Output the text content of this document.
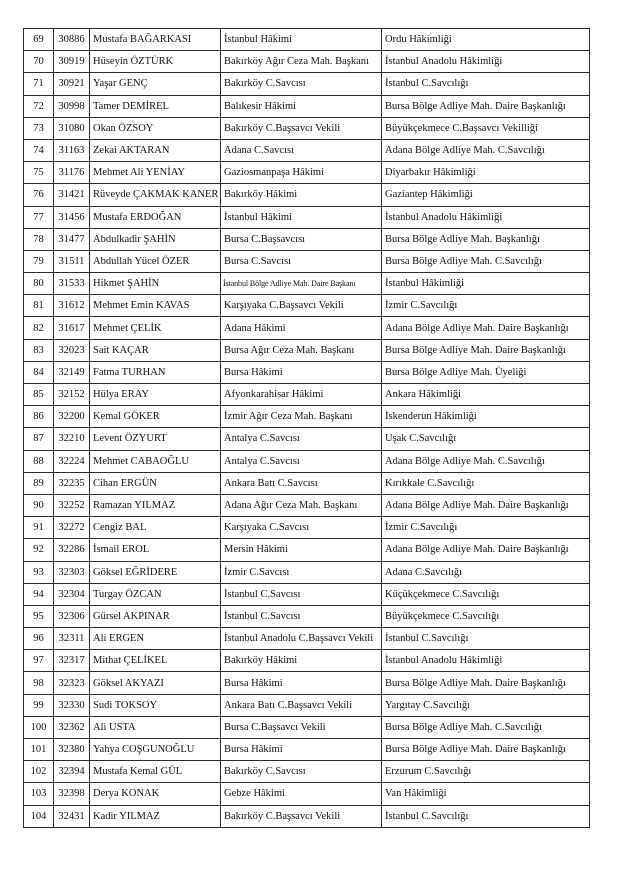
69	30886	Mustafa BAĞARKASI	İstanbul Hâkimi	Ordu Hâkimliği
70	30919	Hüseyin ÖZTÜRK	Bakırköy Ağır Ceza Mah. Başkanı	İstanbul Anadolu Hâkimliği
71	30921	Yaşar GENÇ	Bakırköy C.Savcısı	İstanbul C.Savcılığı
72	30998	Tamer DEMİREL	Balıkesir Hâkimi	Bursa Bölge Adliye Mah. Daire Başkanlığı
73	31080	Okan ÖZSOY	Bakırköy C.Başsavcı Vekili	Büyükçekmece C.Başsavcı Vekilliği
74	31163	Zekai AKTARAN	Adana C.Savcısı	Adana Bölge Adliye Mah. C.Savcılığı
75	31176	Mehmet Ali YENİAY	Gaziosmanpaşa Hâkimi	Diyarbakır Hâkimliği
76	31421	Rüveyde ÇAKMAK KANER	Bakırköy Hâkimi	Gaziantep Hâkimliği
77	31456	Mustafa ERDOĞAN	İstanbul Hâkimi	İstanbul Anadolu Hâkimliği
78	31477	Abdulkadir ŞAHİN	Bursa C.Başsavcısı	Bursa Bölge Adliye Mah. Başkanlığı
79	31511	Abdullah Yücel ÖZER	Bursa C.Savcısı	Bursa Bölge Adliye Mah. C.Savcılığı
80	31533	Hikmet ŞAHİN	İstanbul Bölge Adliye Mah. Daire Başkanı	İstanbul Hâkimliği
81	31612	Mehmet Emin KAVAS	Karşıyaka C.Başsavcı Vekili	İzmir C.Savcılığı
82	31617	Mehmet ÇELİK	Adana Hâkimi	Adana Bölge Adliye Mah. Daire Başkanlığı
83	32023	Sait KAÇAR	Bursa Ağır Ceza Mah. Başkanı	Bursa Bölge Adliye Mah. Daire Başkanlığı
84	32149	Fatma TURHAN	Bursa Hâkimi	Bursa Bölge Adliye Mah. Üyeliği
85	32152	Hülya ERAY	Afyonkarahisar Hâkimi	Ankara Hâkimliği
86	32200	Kemal GÖKER	İzmir Ağır Ceza Mah. Başkanı	İskenderun Hâkimliği
87	32210	Levent ÖZYURT	Antalya C.Savcısı	Uşak C.Savcılığı
88	32224	Mehmet CABAOĞLU	Antalya C.Savcısı	Adana Bölge Adliye Mah. C.Savcılığı
89	32235	Cihan ERGÜN	Ankara Batı C.Savcısı	Kırıkkale C.Savcılığı
90	32252	Ramazan YILMAZ	Adana Ağır Ceza Mah. Başkanı	Adana Bölge Adliye Mah. Daire Başkanlığı
91	32272	Cengiz BAL	Karşıyaka C.Savcısı	İzmir C.Savcılığı
92	32286	İsmail EROL	Mersin Hâkimi	Adana Bölge Adliye Mah. Daire Başkanlığı
93	32303	Göksel EĞRİDERE	İzmir C.Savcısı	Adana C.Savcılığı
94	32304	Turgay ÖZCAN	İstanbul C.Savcısı	Küçükçekmece C.Savcılığı
95	32306	Gürsel AKPINAR	İstanbul C.Savcısı	Büyükçekmece C.Savcılığı
96	32311	Ali ERGEN	İstanbul Anadolu C.Başsavcı Vekili	İstanbul C.Savcılığı
97	32317	Mithat ÇELİKEL	Bakırköy Hâkimi	İstanbul Anadolu Hâkimliği
98	32323	Göksel AKYAZI	Bursa Hâkimi	Bursa Bölge Adliye Mah. Daire Başkanlığı
99	32330	Sudi TOKSOY	Ankara Batı C.Başsavcı Vekili	Yargıtay C.Savcılığı
100	32362	Ali USTA	Bursa C.Başsavcı Vekili	Bursa Bölge Adliye Mah. C.Savcılığı
101	32380	Yahya COŞGUNOĞLU	Bursa Hâkimi	Bursa Bölge Adliye Mah. Daire Başkanlığı
102	32394	Mustafa Kemal GÜL	Bakırköy C.Savcısı	Erzurum C.Savcılığı
103	32398	Derya KONAK	Gebze Hâkimi	Van Hâkimliği
104	32431	Kadir YILMAZ	Bakırköy C.Başsavcı Vekili	İstanbul C.Savcılığı
